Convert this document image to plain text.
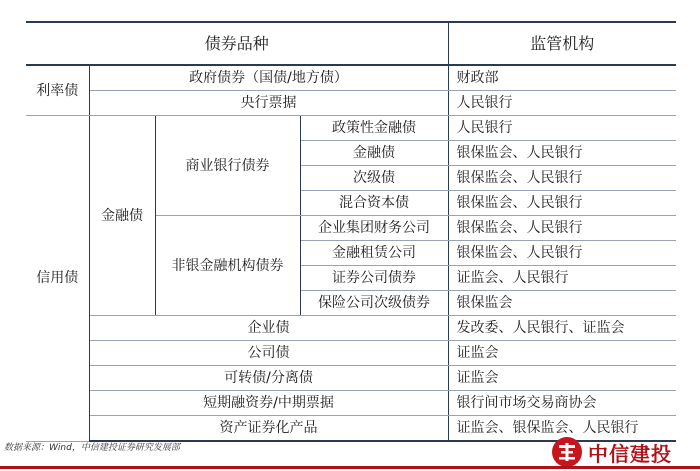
债券品种				监管机构
利率债	政府债券（国债/地方债）			财政部
	央行票据			人民银行
信用债	金融债	商业银行债券	政策性金融债	人民银行
			金融债	银保监会、人民银行
			次级债	银保监会、人民银行
			混合资本债	银保监会、人民银行
		非银金融机构债券	企业集团财务公司	银保监会、人民银行
			金融租赁公司	银保监会、人民银行
			证券公司债券	证监会、人民银行
			保险公司次级债券	银保监会
	企业债			发改委、人民银行、证监会
	公司债			证监会
	可转债/分离债			证监会
	短期融资券/中期票据			银行间市场交易商协会
	资产证券化产品			证监会、银保监会、人民银行
数据来源：Wind，中信建投证券研究发展部	中信建投
